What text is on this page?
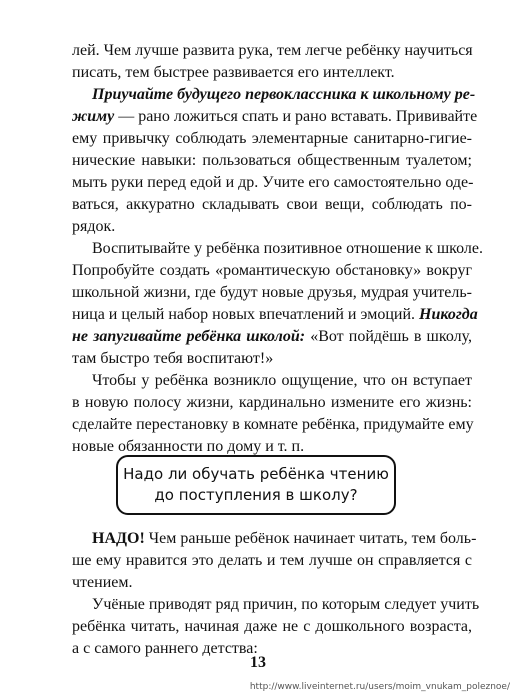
лей. Чем лучше развита рука, тем легче ребёнку научиться
писать, тем быстрее развивается его интеллект.
Приучайте будущего первоклассника к школьному ре-
жиму — рано ложиться спать и рано вставать. Прививайте
ему привычку соблюдать элементарные санитарно-гигие-
нические навыки: пользоваться общественным туалетом;
мыть руки перед едой и др. Учите его самостоятельно оде-
ваться, аккуратно складывать свои вещи, соблюдать по-
рядок.
Воспитывайте у ребёнка позитивное отношение к школе.
Попробуйте создать «романтическую обстановку» вокруг
школьной жизни, где будут новые друзья, мудрая учитель-
ница и целый набор новых впечатлений и эмоций. Никогда
не запугивайте ребёнка школой: «Вот пойдёшь в школу,
там быстро тебя воспитают!»
Чтобы у ребёнка возникло ощущение, что он вступает
в новую полосу жизни, кардинально измените его жизнь:
сделайте перестановку в комнате ребёнка, придумайте ему
Надо ли обучать ребёнка чтению
до поступления в школу?
НАДО! Чем раньше ребёнок начинает читать, тем боль-
ше ему нравится это делать и тем лучше он справляется с
чтением.
Учёные приводят ряд причин, по которым следует учить
ребёнка читать, начиная даже не с дошкольного возраста,
13
http://www.liveinternet.ru/users/moim_vnukam_poleznoe/
новые обязанности по дому и т. п.
а с самого раннего детства:
